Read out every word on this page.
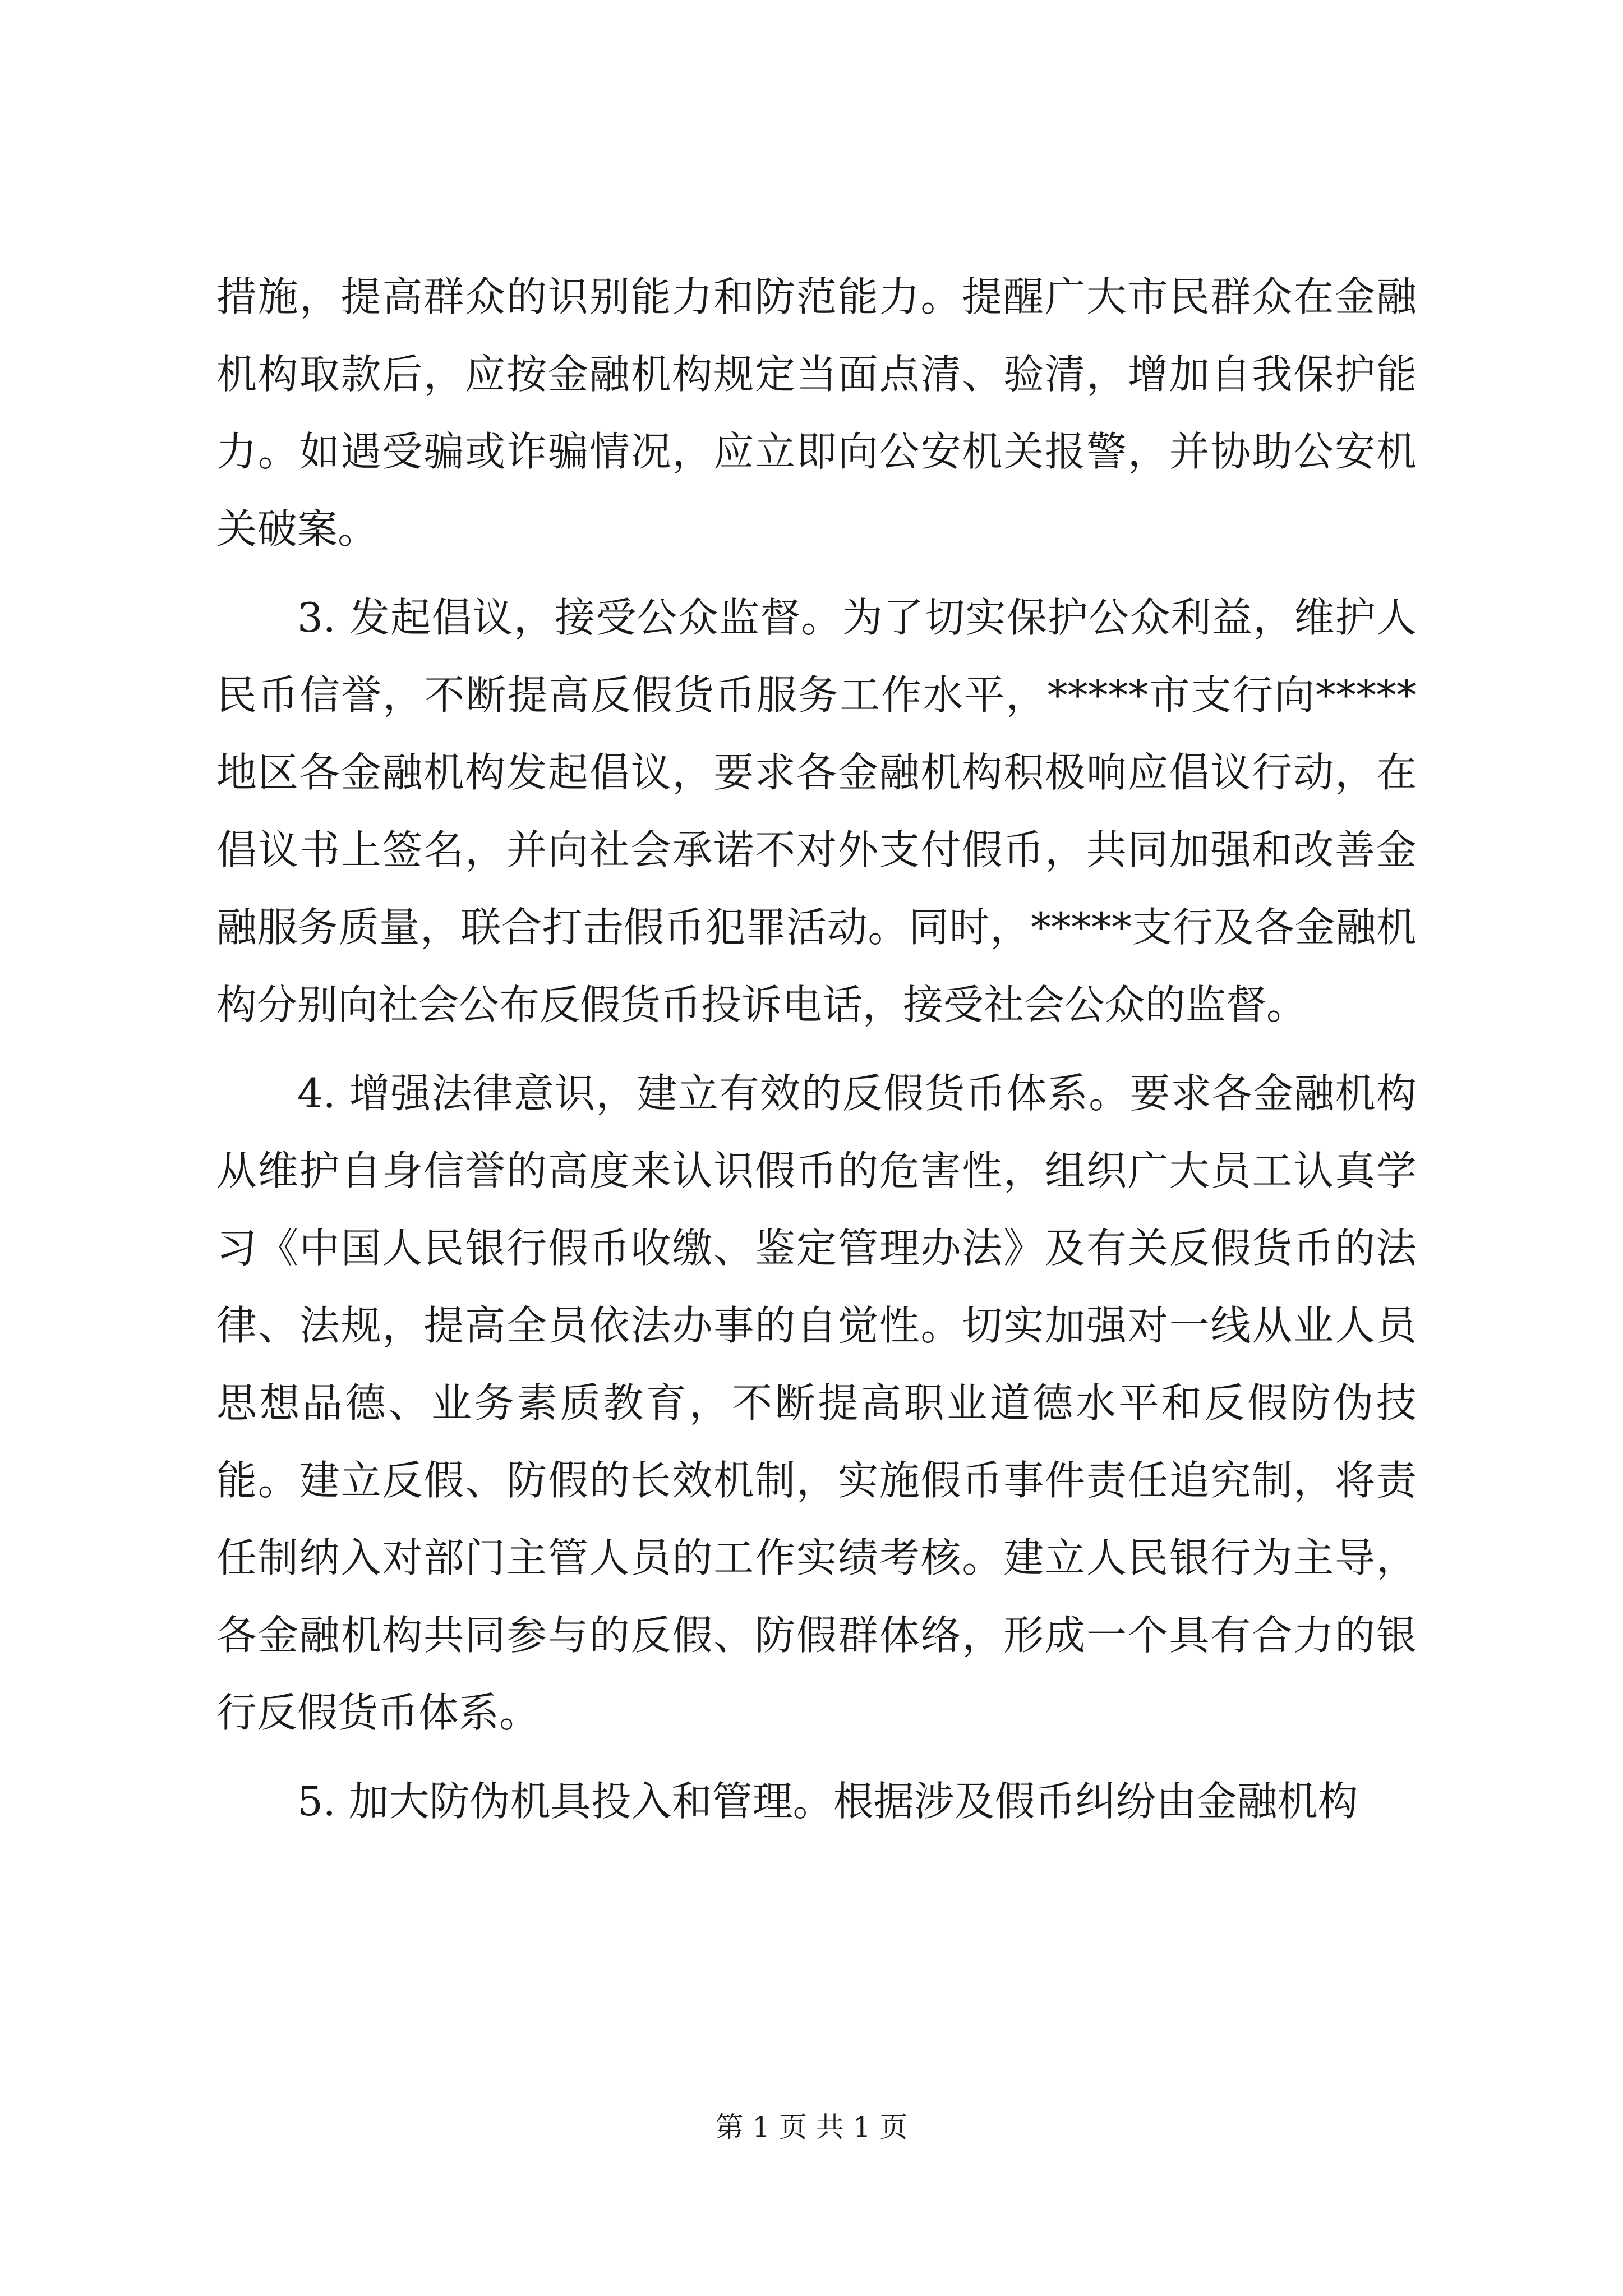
措施，提高群众的识别能力和防范能力。提醒广大市民群众在金融机构取款后，应按金融机构规定当面点清、验清，增加自我保护能力。如遇受骗或诈骗情况，应立即向公安机关报警，并协助公安机关破案。

3. 发起倡议，接受公众监督。为了切实保护公众利益，维护人民币信誉，不断提高反假货币服务工作水平，*****市支行向*****地区各金融机构发起倡议，要求各金融机构积极响应倡议行动，在倡议书上签名，并向社会承诺不对外支付假币，共同加强和改善金融服务质量，联合打击假币犯罪活动。同时，*****支行及各金融机构分别向社会公布反假货币投诉电话，接受社会公众的监督。

4. 增强法律意识，建立有效的反假货币体系。要求各金融机构从维护自身信誉的高度来认识假币的危害性，组织广大员工认真学习《中国人民银行假币收缴、鉴定管理办法》及有关反假货币的法律、法规，提高全员依法办事的自觉性。切实加强对一线从业人员思想品德、业务素质教育，不断提高职业道德水平和反假防伪技能。建立反假、防假的长效机制，实施假币事件责任追究制，将责任制纳入对部门主管人员的工作实绩考核。建立人民银行为主导，各金融机构共同参与的反假、防假群体络，形成一个具有合力的银行反假货币体系。

5. 加大防伪机具投入和管理。根据涉及假币纠纷由金融机构

第 1 页 共 1 页
